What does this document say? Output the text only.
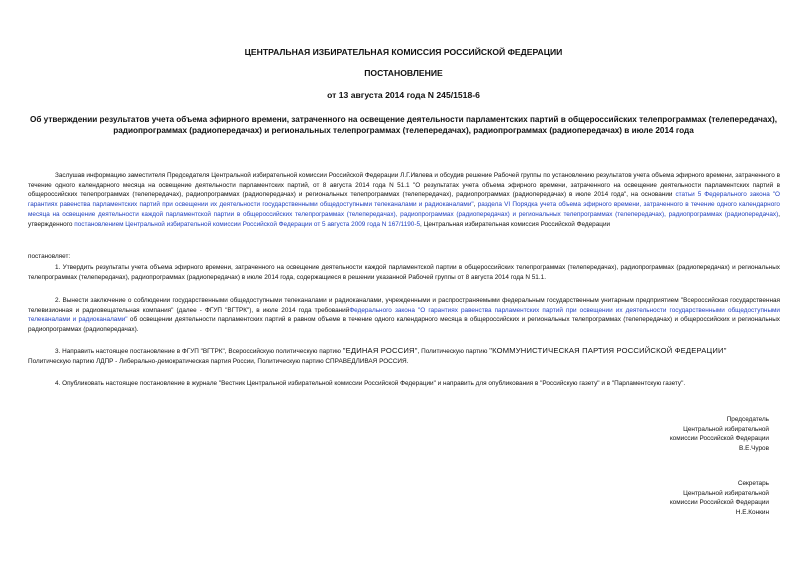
ЦЕНТРАЛЬНАЯ ИЗБИРАТЕЛЬНАЯ КОМИССИЯ РОССИЙСКОЙ ФЕДЕРАЦИИ
ПОСТАНОВЛЕНИЕ
от 13 августа 2014 года N 245/1518-6
Об утверждении результатов учета объема эфирного времени, затраченного на освещение деятельности парламентских партий в общероссийских телепрограммах (телепередачах), радиопрограммах (радиопередачах) и региональных телепрограммах (телепередачах), радиопрограммах (радиопередачах) в июле 2014 года
Заслушав информацию заместителя Председателя Центральной избирательной комиссии Российской Федерации Л.Г.Ивлева и обсудив решение Рабочей группы по установлению результатов учета объема эфирного времени, затраченного в течение одного календарного месяца на освещение деятельности парламентских партий, от 8 августа 2014 года N 51.1 "О результатах учета объема эфирного времени, затраченного на освещение деятельности парламентских партий в общероссийских телепрограммах (телепередачах), радиопрограммах (радиопередачах) и региональных телепрограммах (телепередачах), радиопрограммах (радиопередачах) в июле 2014 года", на основании статьи 5 Федерального закона "О гарантиях равенства парламентских партий при освещении их деятельности государственными общедоступными телеканалами и радиоканалами", раздела VI Порядка учета объема эфирного времени, затраченного в течение одного календарного месяца на освещение деятельности каждой парламентской партии в общероссийских телепрограммах (телепередачах), радиопрограммах (радиопередачах) и региональных телепрограммах (телепередачах), радиопрограммах (радиопередачах), утвержденного постановлением Центральной избирательной комиссии Российской Федерации от 5 августа 2009 года N 167/1190-5, Центральная избирательная комиссия Российской Федерации
постановляет:
1. Утвердить результаты учета объема эфирного времени, затраченного на освещение деятельности каждой парламентской партии в общероссийских телепрограммах (телепередачах), радиопрограммах (радиопередачах) и региональных телепрограммах (телепередачах), радиопрограммах (радиопередачах) в июле 2014 года, содержащиеся в решении указанной Рабочей группы от 8 августа 2014 года N 51.1.
2. Вынести заключение о соблюдении государственными общедоступными телеканалами и радиоканалами, учрежденными и распространяемыми федеральным государственным унитарным предприятием "Всероссийская государственная телевизионная и радиовещательная компания" (далее - ФГУП "ВГТРК"), в июле 2014 года требованийФедерального закона "О гарантиях равенства парламентских партий при освещении их деятельности государственными общедоступными телеканалами и радиоканалами" об освещении деятельности парламентских партий в равном объеме в течение одного календарного месяца в общероссийских и региональных телепрограммах (телепередачах) и общероссийских и региональных радиопрограммах (радиопередачах).
3. Направить настоящее постановление в ФГУП "ВГТРК", Всероссийскую политическую партию "ЕДИНАЯ РОССИЯ", Политическую партию "КОММУНИСТИЧЕСКАЯ ПАРТИЯ РОССИЙСКОЙ ФЕДЕРАЦИИ"
Политическую партию ЛДПР - Либерально-демократическая партия России, Политическую партию СПРАВЕДЛИВАЯ РОССИЯ.
4. Опубликовать настоящее постановление в журнале "Вестник Центральной избирательной комиссии Российской Федерации" и направить для опубликования в "Российскую газету" и в "Парламентскую газету".
Председатель
Центральной избирательной
комиссии Российской Федерации
В.Е.Чуров
Секретарь
Центральной избирательной
комиссии Российской Федерации
Н.Е.Конкин
